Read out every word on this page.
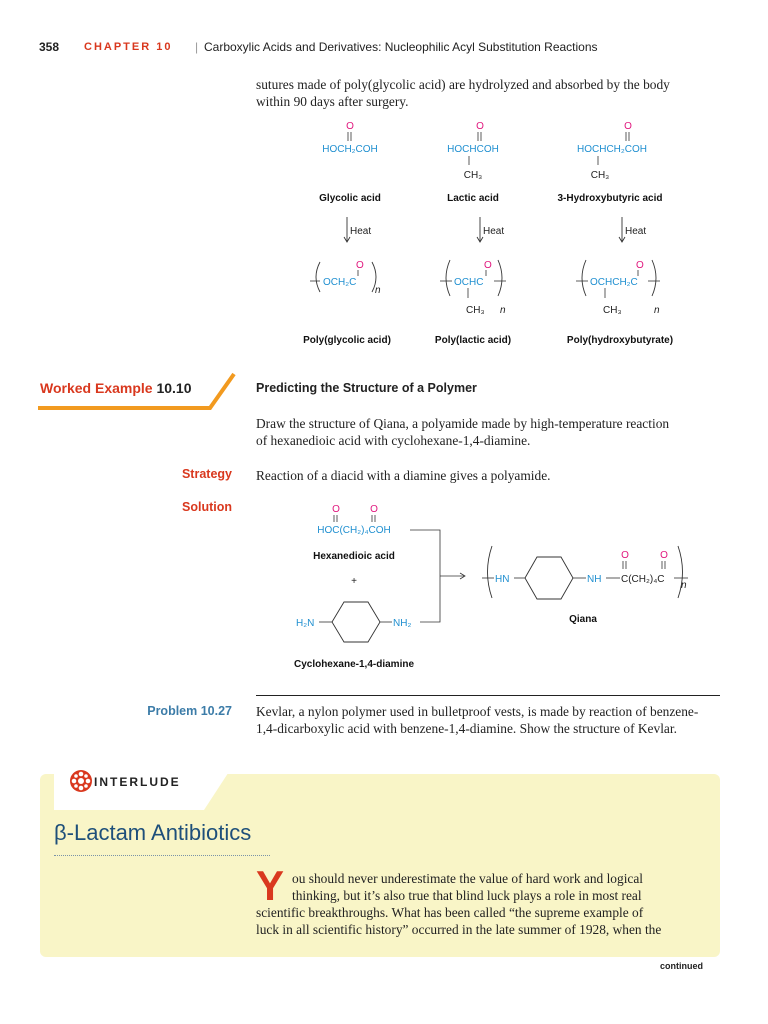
358 CHAPTER 10 | Carboxylic Acids and Derivatives: Nucleophilic Acyl Substitution Reactions
sutures made of poly(glycolic acid) are hydrolyzed and absorbed by the body
within 90 days after surgery.
O
HOCH₂COH
Glycolic acid
O
HOCHCOH
CH₃
Lactic acid
O
HOCHCH₂COH
CH₃
3-Hydroxybutyric acid
Heat	Heat	Heat
OCH₂C
O
n
Poly(glycolic acid)
OCHC
O
CH₃ n
Poly(lactic acid)
OCHCH₂C
O
CH₃	n
Poly(hydroxybutyrate)
Worked Example 10.10	Predicting the Structure of a Polymer
Draw the structure of Qiana, a polyamide made by high-temperature reaction
of hexanedioic acid with cyclohexane-1,4-diamine.
Strategy Reaction of a diacid with a diamine gives a polyamide.
Solution	O	O
HOC(CH₂)₄COH
Hexanedioic acid
+
H₂N	NH₂
Cyclohexane-1,4-diamine
HN	NH C(CH₂)₄C
O	O
n
Qiana
Problem 10.27 Kevlar, a nylon polymer used in bulletproof vests, is made by reaction of benzene-
1,4-dicarboxylic acid with benzene-1,4-diamine. Show the structure of Kevlar.
INTERLUDE
β-Lactam Antibiotics
Y ou should never underestimate the value of hard work and logical
thinking, but it’s also true that blind luck plays a role in most real
scientific breakthroughs. What has been called “the supreme example of
luck in all scientific history” occurred in the late summer of 1928, when the
continued
